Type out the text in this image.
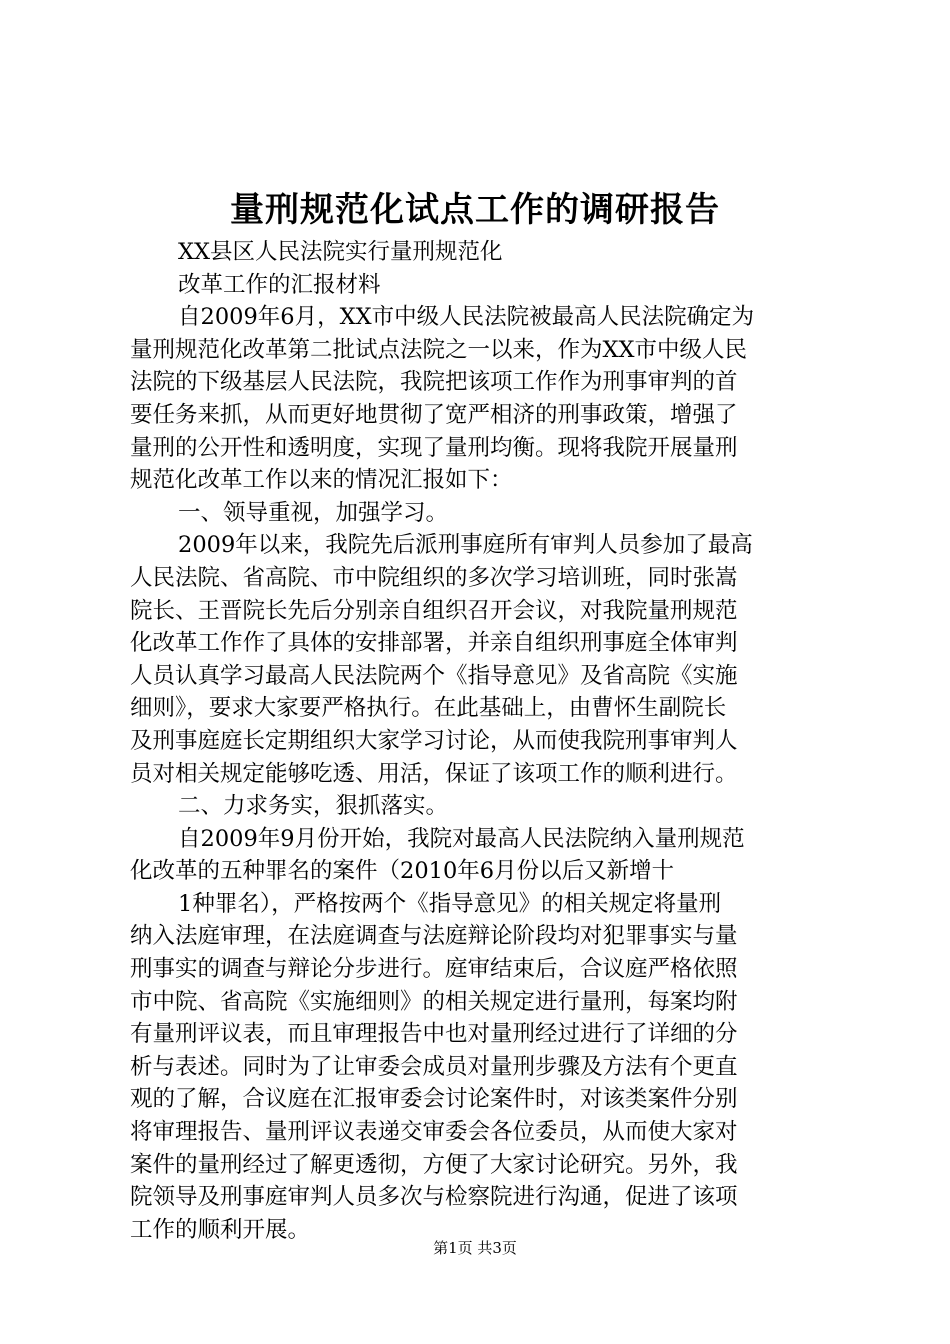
量刑规范化试点工作的调研报告
XX县区人民法院实行量刑规范化
改革工作的汇报材料
自2009年6月，XX市中级人民法院被最高人民法院确定为
量刑规范化改革第二批试点法院之一以来，作为XX市中级人民
法院的下级基层人民法院，我院把该项工作作为刑事审判的首
要任务来抓，从而更好地贯彻了宽严相济的刑事政策，增强了
量刑的公开性和透明度，实现了量刑均衡。现将我院开展量刑
规范化改革工作以来的情况汇报如下：
一、领导重视，加强学习。
2009年以来，我院先后派刑事庭所有审判人员参加了最高
人民法院、省高院、市中院组织的多次学习培训班，同时张嵩
院长、王晋院长先后分别亲自组织召开会议，对我院量刑规范
化改革工作作了具体的安排部署，并亲自组织刑事庭全体审判
人员认真学习最高人民法院两个《指导意见》及省高院《实施
细则》，要求大家要严格执行。在此基础上，由曹怀生副院长
及刑事庭庭长定期组织大家学习讨论，从而使我院刑事审判人
员对相关规定能够吃透、用活，保证了该项工作的顺利进行。
二、力求务实，狠抓落实。
自2009年9月份开始，我院对最高人民法院纳入量刑规范
化改革的五种罪名的案件（2010年6月份以后又新增十
1种罪名），严格按两个《指导意见》的相关规定将量刑
纳入法庭审理，在法庭调查与法庭辩论阶段均对犯罪事实与量
刑事实的调查与辩论分步进行。庭审结束后，合议庭严格依照
市中院、省高院《实施细则》的相关规定进行量刑，每案均附
有量刑评议表，而且审理报告中也对量刑经过进行了详细的分
析与表述。同时为了让审委会成员对量刑步骤及方法有个更直
观的了解，合议庭在汇报审委会讨论案件时，对该类案件分别
将审理报告、量刑评议表递交审委会各位委员，从而使大家对
案件的量刑经过了解更透彻，方便了大家讨论研究。另外，我
院领导及刑事庭审判人员多次与检察院进行沟通，促进了该项
工作的顺利开展。
第1页 共3页
